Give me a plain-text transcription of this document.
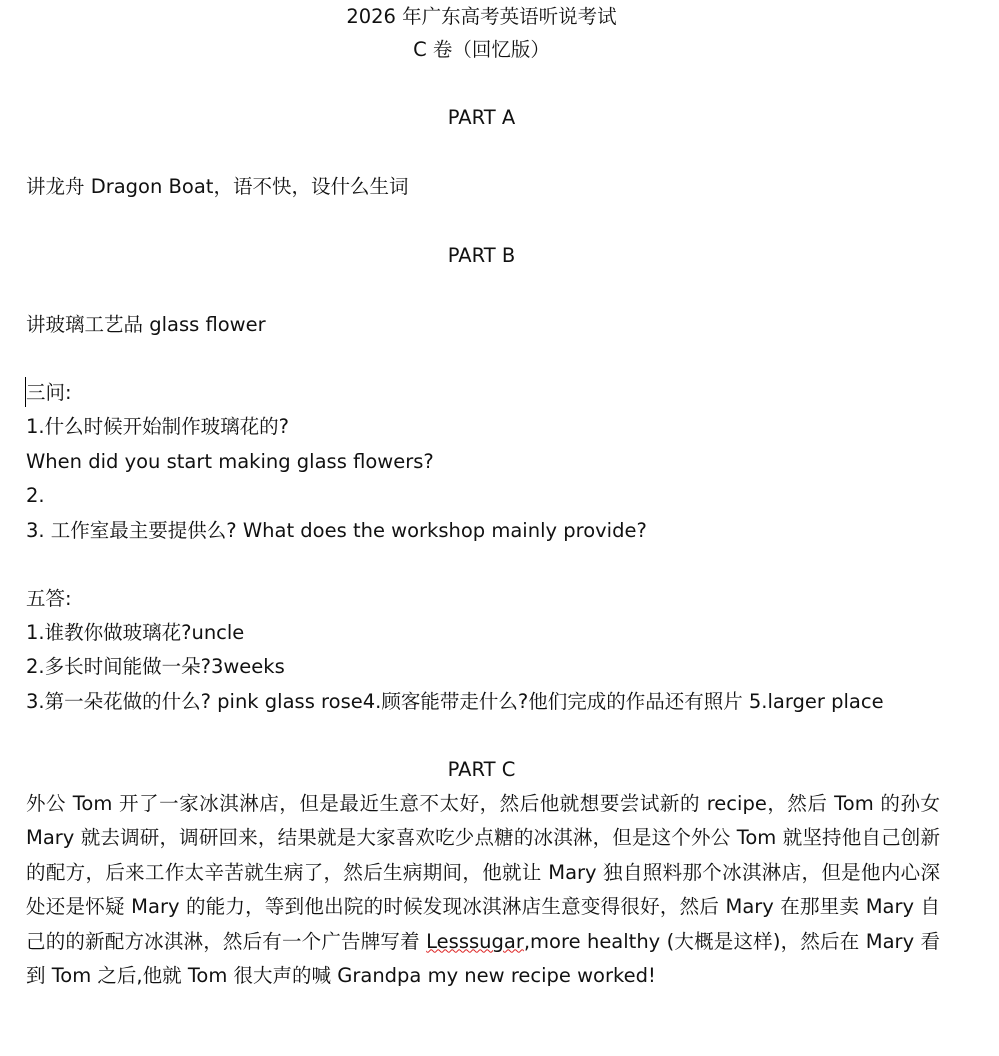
2026 年广东高考英语听说考试
C 卷（回忆版）
PART A
讲龙舟 Dragon Boat，语不快，设什么生词
PART B
讲玻璃工艺品 glass flower
三问:
1.什么时候开始制作玻璃花的?
When did you start making glass flowers?
2.
3. 工作室最主要提供么? What does the workshop mainly provide?
五答:
1.谁教你做玻璃花?uncle
2.多长时间能做一朵?3weeks
3.第一朵花做的什么? pink glass rose4.顾客能带走什么?他们完成的作品还有照片 5.larger place
PART C
外公 Tom 开了一家冰淇淋店，但是最近生意不太好，然后他就想要尝试新的 recipe，然后 Tom 的孙女 Mary 就去调研，调研回来，结果就是大家喜欢吃少点糖的冰淇淋，但是这个外公 Tom 就坚持他自己创新的配方，后来工作太辛苦就生病了，然后生病期间，他就让 Mary 独自照料那个冰淇淋店，但是他内心深处还是怀疑 Mary 的能力，等到他出院的时候发现冰淇淋店生意变得很好，然后 Mary 在那里卖 Mary 自己的的新配方冰淇淋，然后有一个广告牌写着 Lesssugar,more healthy (大概是这样)，然后在 Mary 看到 Tom 之后,他就 Tom 很大声的喊 Grandpa my new recipe worked!
